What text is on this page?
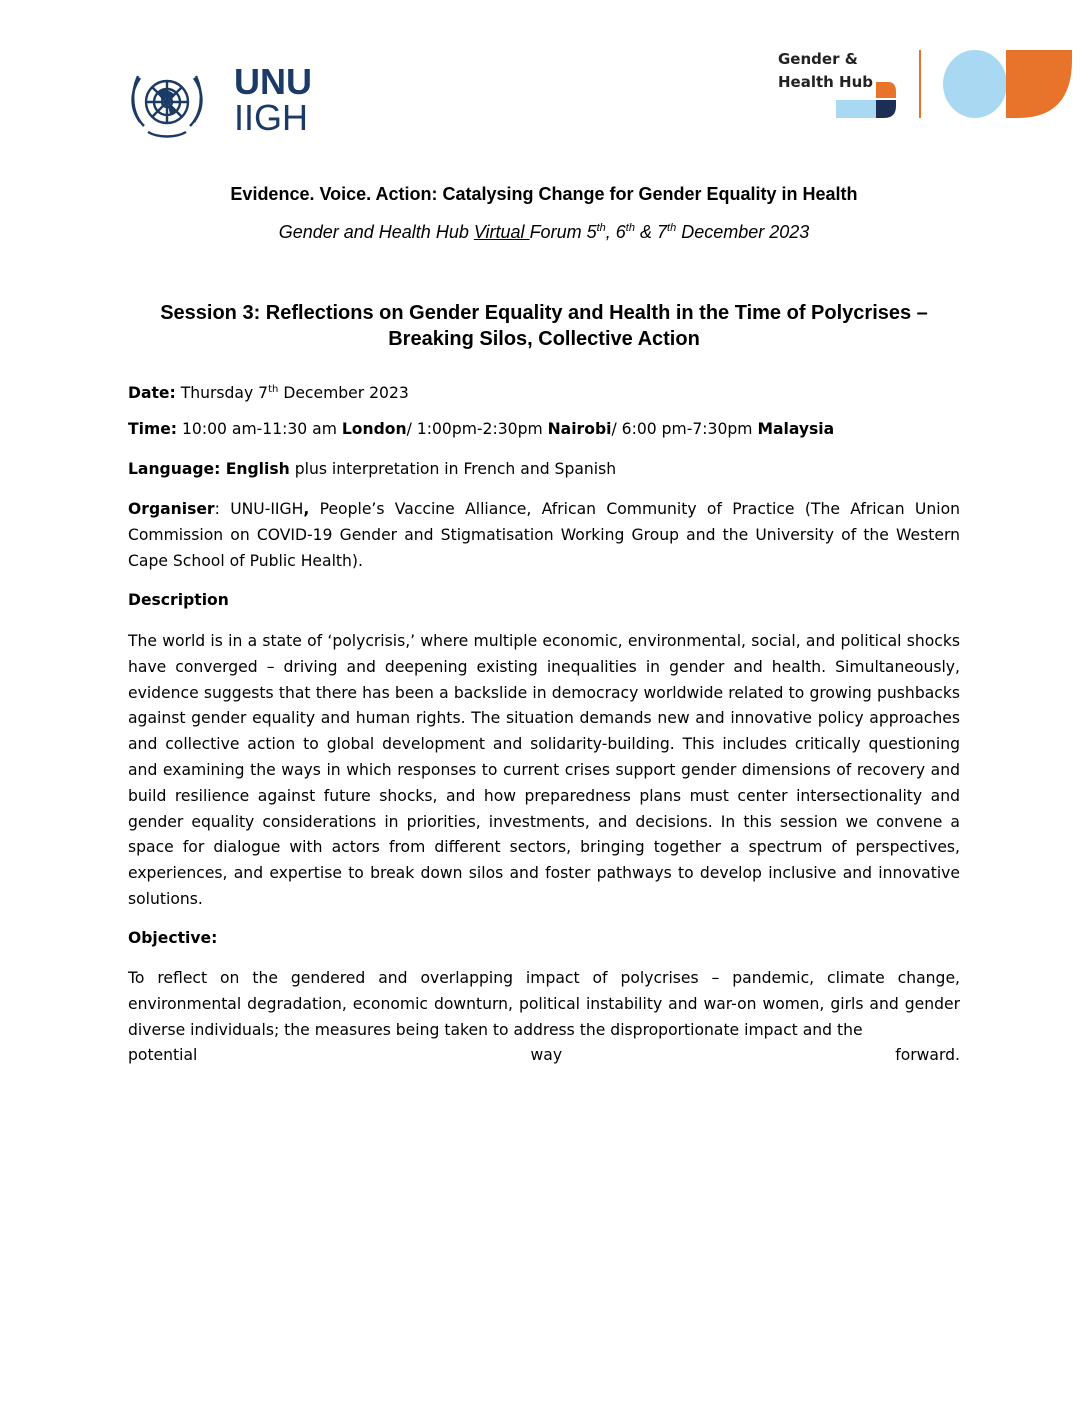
UNU
IIGH
Gender &
Health Hub
Evidence. Voice. Action: Catalysing Change for Gender Equality in Health
Gender and Health Hub Virtual Forum 5th, 6th & 7th December 2023
Session 3: Reflections on Gender Equality and Health in the Time of Polycrises –
Breaking Silos, Collective Action
Date: Thursday 7th December 2023
Time: 10:00 am-11:30 am London/ 1:00pm-2:30pm Nairobi/ 6:00 pm-7:30pm Malaysia
Language: English plus interpretation in French and Spanish
Organiser: UNU-IIGH, People’s Vaccine Alliance, African Community of Practice (The African Union Commission on COVID-19 Gender and Stigmatisation Working Group and the University of the Western Cape School of Public Health).
Description
The world is in a state of ‘polycrisis,’ where multiple economic, environmental, social, and political shocks have converged – driving and deepening existing inequalities in gender and health. Simultaneously, evidence suggests that there has been a backslide in democracy worldwide related to growing pushbacks against gender equality and human rights. The situation demands new and innovative policy approaches and collective action to global development and solidarity-building. This includes critically questioning and examining the ways in which responses to current crises support gender dimensions of recovery and build resilience against future shocks, and how preparedness plans must center intersectionality and gender equality considerations in priorities, investments, and decisions. In this session we convene a space for dialogue with actors from different sectors, bringing together a spectrum of perspectives, experiences, and expertise to break down silos and foster pathways to develop inclusive and innovative solutions.
Objective:

To reflect on the gendered and overlapping impact of polycrises – pandemic, climate change, environmental degradation, economic downturn, political instability and war-on women, girls and gender diverse individuals; the measures being taken to address the disproportionate impact and the

potential	way	forward.
